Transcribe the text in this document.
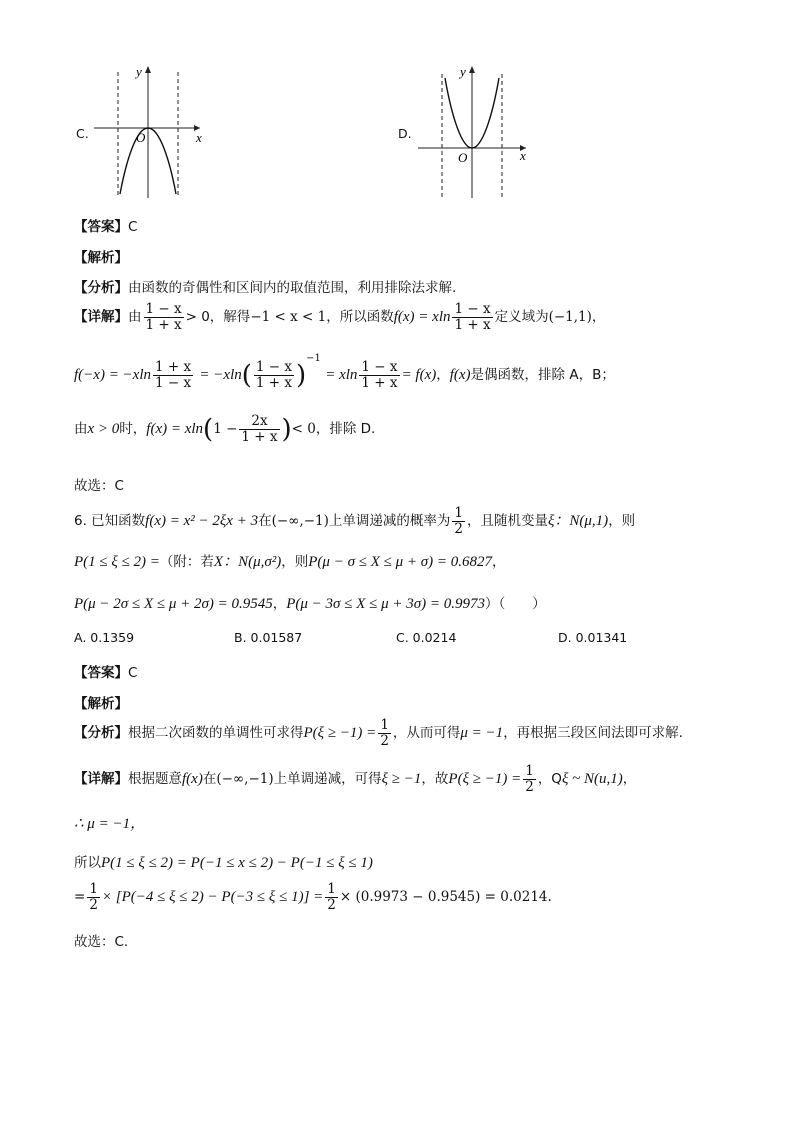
C.
y
x
O	D.
y
x
O
【答案】C
【解析】
【分析】由函数的奇偶性和区间内的取值范围，利用排除法求解.
【详解】由 $\frac{1 - x}{1 + x} > 0$，解得−1 < x < 1，所以函数f(x) = xln $\frac{1 - x}{1 + x}$ 定义域为(−1,1)，
$f(-x) = -xln \frac{1 + x}{1 - x} = -xln( \frac{1 - x}{1 + x} )^{-1} = xln \frac{1 - x}{1 + x} = f(x)$，f(x)是偶函数，排除 A，B；
由x > 0时，$f(x) = xln(1 - \frac{2x}{1 + x}$ )< 0，排除 D.
故选：C
6. 已知函数f(x) = x² − 2ξx + 3在(−∞,−1)上单调递减的概率为 $\frac{1}{2}$ ，且随机变量ξ：N(μ,1)，则
P(1 ≤ ξ ≤ 2) =（附：若X：N(μ,σ²)，则P(μ − σ ≤ X ≤ μ + σ) = 0.6827，
P(μ − 2σ ≤ X ≤ μ + 2σ) = 0.9545，P(μ − 3σ ≤ X ≤ μ + 3σ) = 0.9973）（　　）
A. 0.1359	B. 0.01587	C. 0.0214	D. 0.01341
【答案】C
【解析】
【分析】根据二次函数的单调性可求得$P(\xi \ge -1) = \frac{1}{2}$ ，从而可得μ = −1，再根据三段区间法即可求解.
【详解】根据题意f(x)在(−∞,−1)上单调递减，可得ξ ≥ −1，故$P(\xi \ge -1) = \frac{1}{2}$ ，Qξ ~ N(u,1)，
∴ μ = −1，
所以P(1 ≤ ξ ≤ 2) = P(−1 ≤ x ≤ 2) − P(−1 ≤ ξ ≤ 1)
= $\frac{1}{2} \times [P(-4 \le \xi \le 2) - P(-3 \le \xi \le 1)] = \frac{1}{2} \times (0.9973 - 0.9545) = 0.0214$.
故选：C.
